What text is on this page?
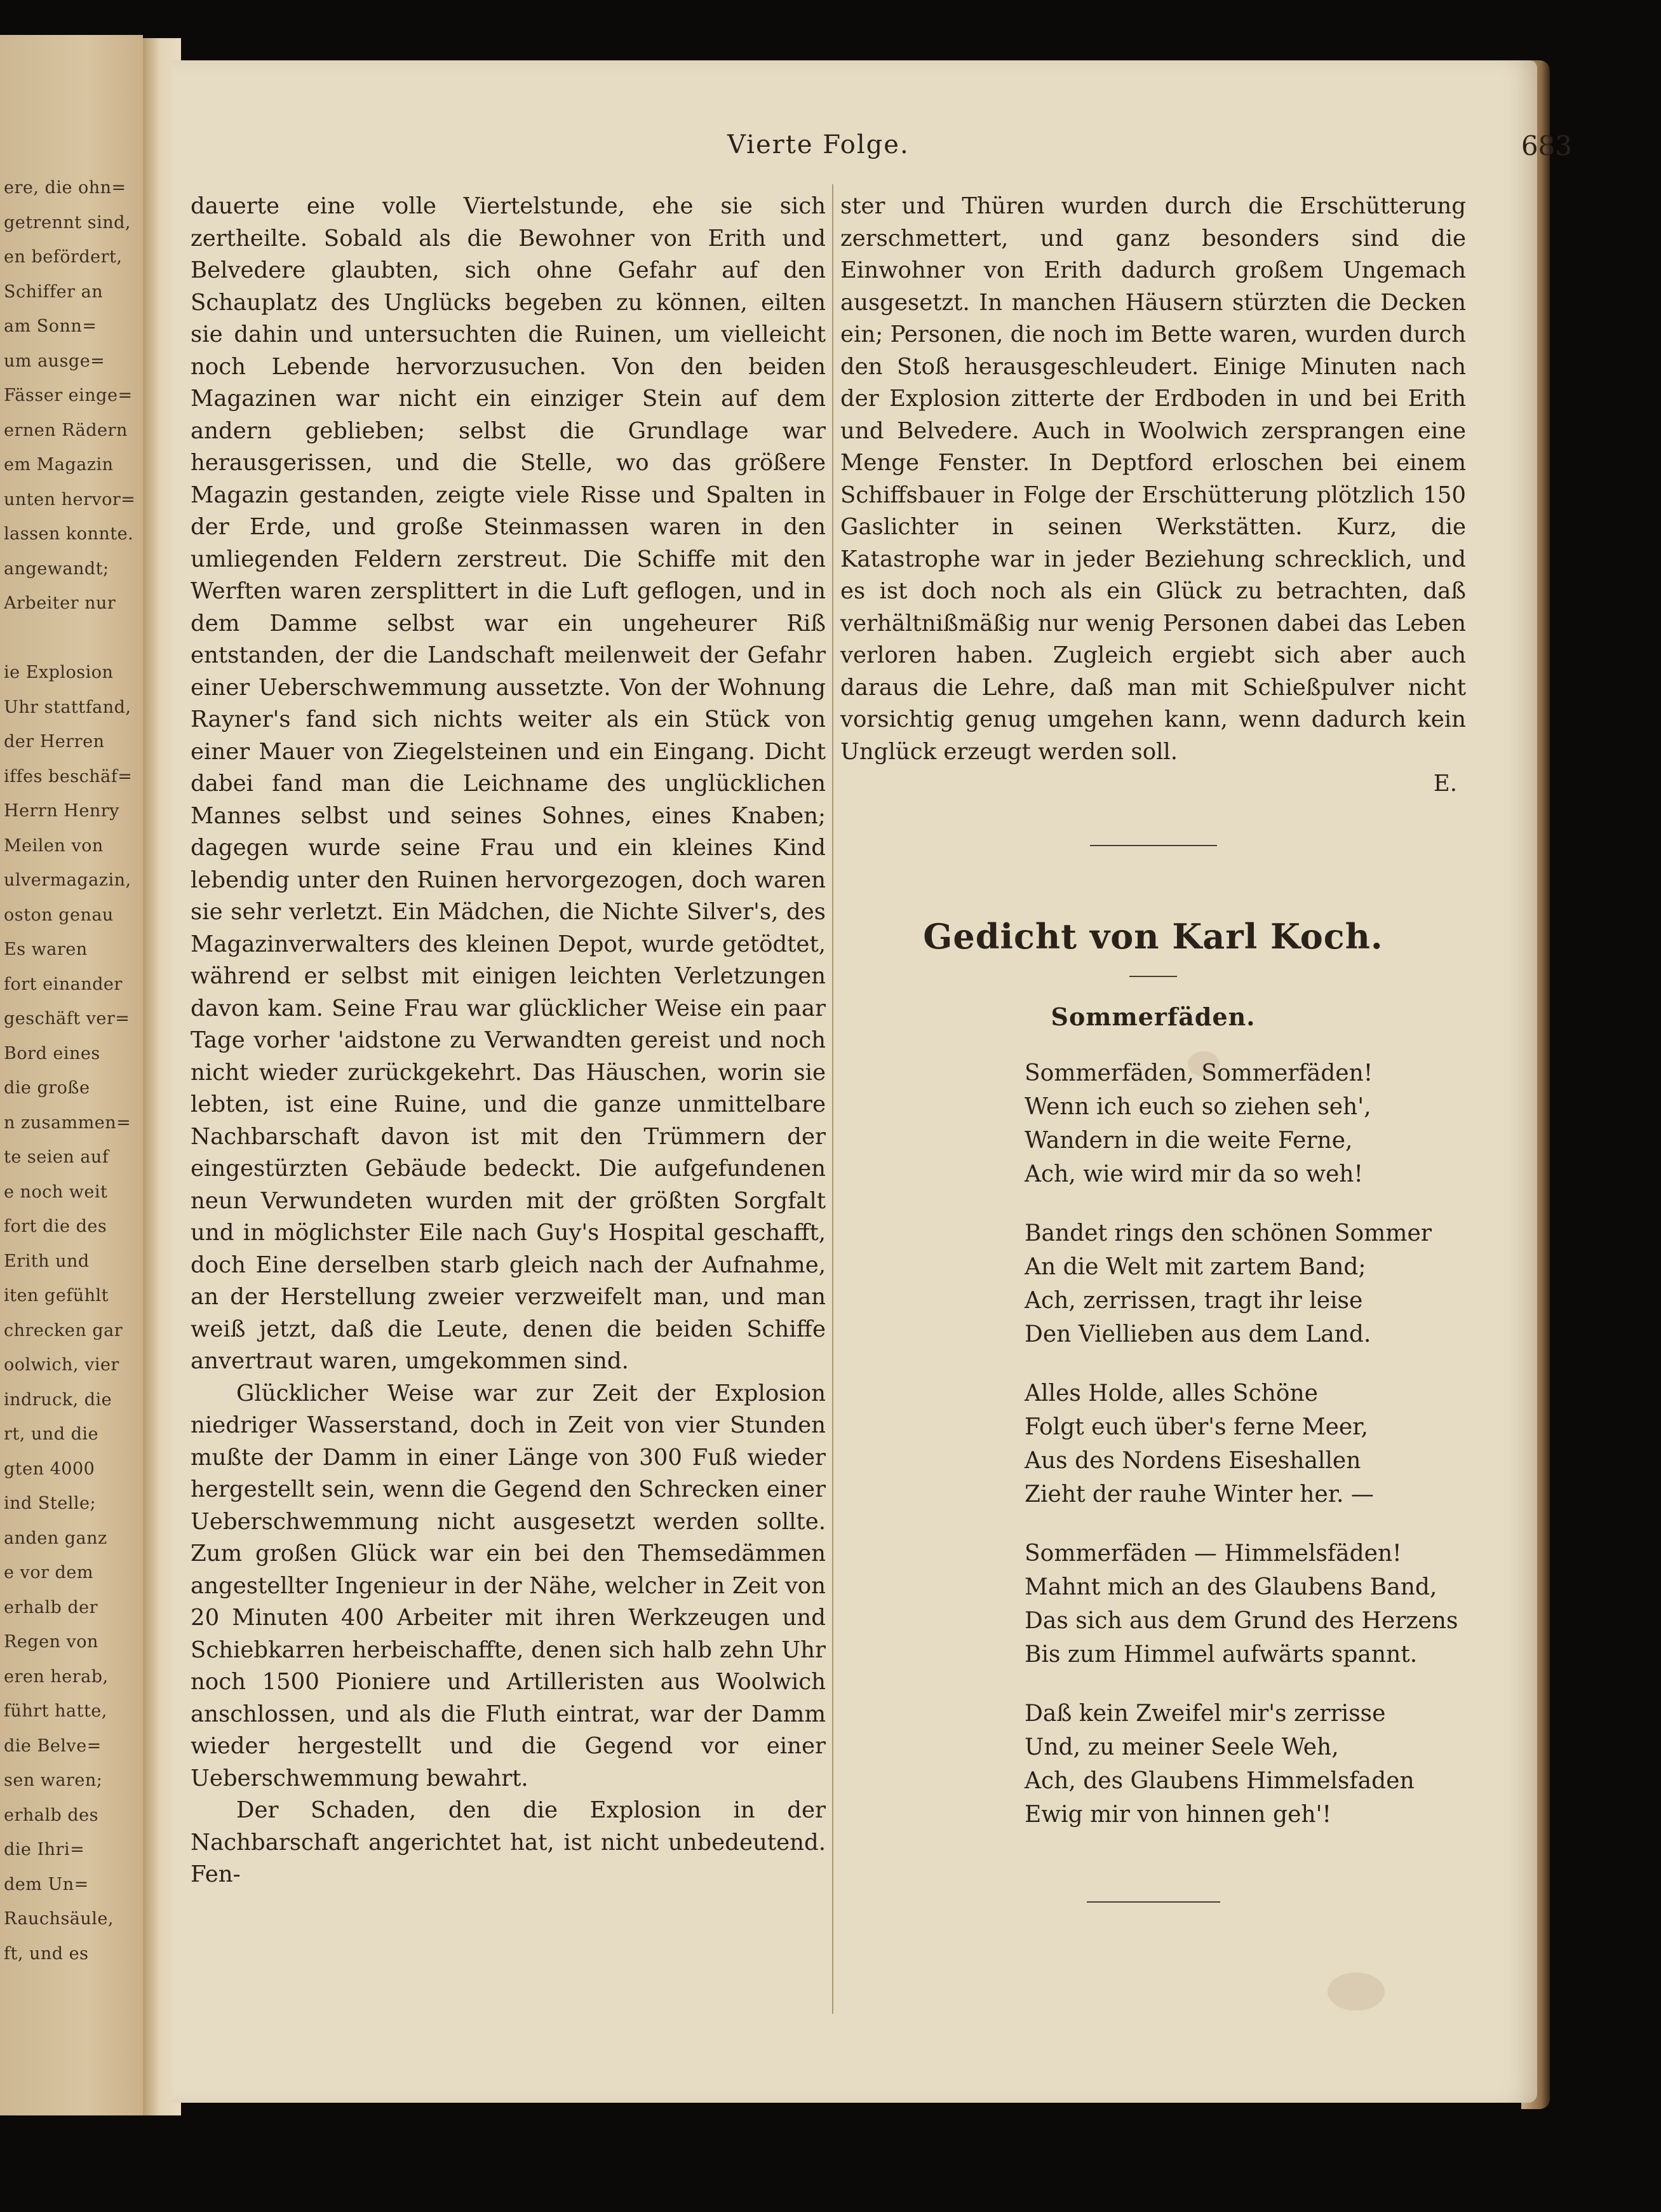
ere, die ohn=
getrennt sind,
en befördert,
Schiffer an
am Sonn=
um ausge=
Fässer einge=
ernen Rädern
em Magazin
unten hervor=
lassen konnte.
angewandt;
Arbeiter nur
ie Explosion
Uhr stattfand,
der Herren
iffes beschäf=
Herrn Henry
Meilen von
ulvermagazin,
oston genau
Es waren
fort einander
geschäft ver=
Bord eines
die große
n zusammen=
te seien auf
e noch weit
fort die des
Erith und
iten gefühlt
chrecken gar
oolwich, vier
indruck, die
rt, und die
gten 4000
ind Stelle;
anden ganz
e vor dem
erhalb der
Regen von
eren herab,
führt hatte,
die Belve=
sen waren;
erhalb des
die Ihri=
dem Un=
Rauchsäule,
ft, und es
Vierte Folge.	683

dauerte eine volle Viertelstunde, ehe sie sich zertheilte. Sobald als die Bewohner von Erith und Belvedere glaubten, sich ohne Gefahr auf den Schauplatz des Unglücks begeben zu können, eilten sie dahin und untersuchten die Ruinen, um vielleicht noch Lebende hervorzusuchen. Von den beiden Magazinen war nicht ein einziger Stein auf dem andern geblieben; selbst die Grundlage war herausgerissen, und die Stelle, wo das größere Magazin gestanden, zeigte viele Risse und Spalten in der Erde, und große Steinmassen waren in den umliegenden Feldern zerstreut. Die Schiffe mit den Werften waren zersplittert in die Luft geflogen, und in dem Damme selbst war ein ungeheurer Riß entstanden, der die Landschaft meilenweit der Gefahr einer Ueberschwemmung aussetzte. Von der Wohnung Rayner's fand sich nichts weiter als ein Stück von einer Mauer von Ziegelsteinen und ein Eingang. Dicht dabei fand man die Leichname des unglücklichen Mannes selbst und seines Sohnes, eines Knaben; dagegen wurde seine Frau und ein kleines Kind lebendig unter den Ruinen hervorgezogen, doch waren sie sehr verletzt. Ein Mädchen, die Nichte Silver's, des Magazinverwalters des kleinen Depot, wurde getödtet, während er selbst mit einigen leichten Verletzungen davon kam. Seine Frau war glücklicher Weise ein paar Tage vorher 'aidstone zu Verwandten gereist und noch nicht wieder zurückgekehrt. Das Häuschen, worin sie lebten, ist eine Ruine, und die ganze unmittelbare Nachbarschaft davon ist mit den Trümmern der eingestürzten Gebäude bedeckt. Die aufgefundenen neun Verwundeten wurden mit der größten Sorgfalt und in möglichster Eile nach Guy's Hospital geschafft, doch Eine derselben starb gleich nach der Aufnahme, an der Herstellung zweier verzweifelt man, und man weiß jetzt, daß die Leute, denen die beiden Schiffe anvertraut waren, umgekommen sind.

Glücklicher Weise war zur Zeit der Explosion niedriger Wasserstand, doch in Zeit von vier Stunden mußte der Damm in einer Länge von 300 Fuß wieder hergestellt sein, wenn die Gegend den Schrecken einer Ueberschwemmung nicht ausgesetzt werden sollte. Zum großen Glück war ein bei den Themsedämmen angestellter Ingenieur in der Nähe, welcher in Zeit von 20 Minuten 400 Arbeiter mit ihren Werkzeugen und Schiebkarren herbeischaffte, denen sich halb zehn Uhr noch 1500 Pioniere und Artilleristen aus Woolwich anschlossen, und als die Fluth eintrat, war der Damm wieder hergestellt und die Gegend vor einer Ueberschwemmung bewahrt.

Der Schaden, den die Explosion in der Nachbarschaft angerichtet hat, ist nicht unbedeutend. Fen-

ster und Thüren wurden durch die Erschütterung zerschmettert, und ganz besonders sind die Einwohner von Erith dadurch großem Ungemach ausgesetzt. In manchen Häusern stürzten die Decken ein; Personen, die noch im Bette waren, wurden durch den Stoß herausgeschleudert. Einige Minuten nach der Explosion zitterte der Erdboden in und bei Erith und Belvedere. Auch in Woolwich zersprangen eine Menge Fenster. In Deptford erloschen bei einem Schiffsbauer in Folge der Erschütterung plötzlich 150 Gaslichter in seinen Werkstätten. Kurz, die Katastrophe war in jeder Beziehung schrecklich, und es ist doch noch als ein Glück zu betrachten, daß verhältnißmäßig nur wenig Personen dabei das Leben verloren haben. Zugleich ergiebt sich aber auch daraus die Lehre, daß man mit Schießpulver nicht vorsichtig genug umgehen kann, wenn dadurch kein Unglück erzeugt werden soll.

E.

Gedicht von Karl Koch.
Sommerfäden.
Sommerfäden, Sommerfäden!
Wenn ich euch so ziehen seh',
Wandern in die weite Ferne,
Ach, wie wird mir da so weh!
Bandet rings den schönen Sommer
An die Welt mit zartem Band;
Ach, zerrissen, tragt ihr leise
Den Viellieben aus dem Land.
Alles Holde, alles Schöne
Folgt euch über's ferne Meer,
Aus des Nordens Eiseshallen
Zieht der rauhe Winter her. —
Sommerfäden — Himmelsfäden!
Mahnt mich an des Glaubens Band,
Das sich aus dem Grund des Herzens
Bis zum Himmel aufwärts spannt.
Daß kein Zweifel mir's zerrisse
Und, zu meiner Seele Weh,
Ach, des Glaubens Himmelsfaden
Ewig mir von hinnen geh'!
